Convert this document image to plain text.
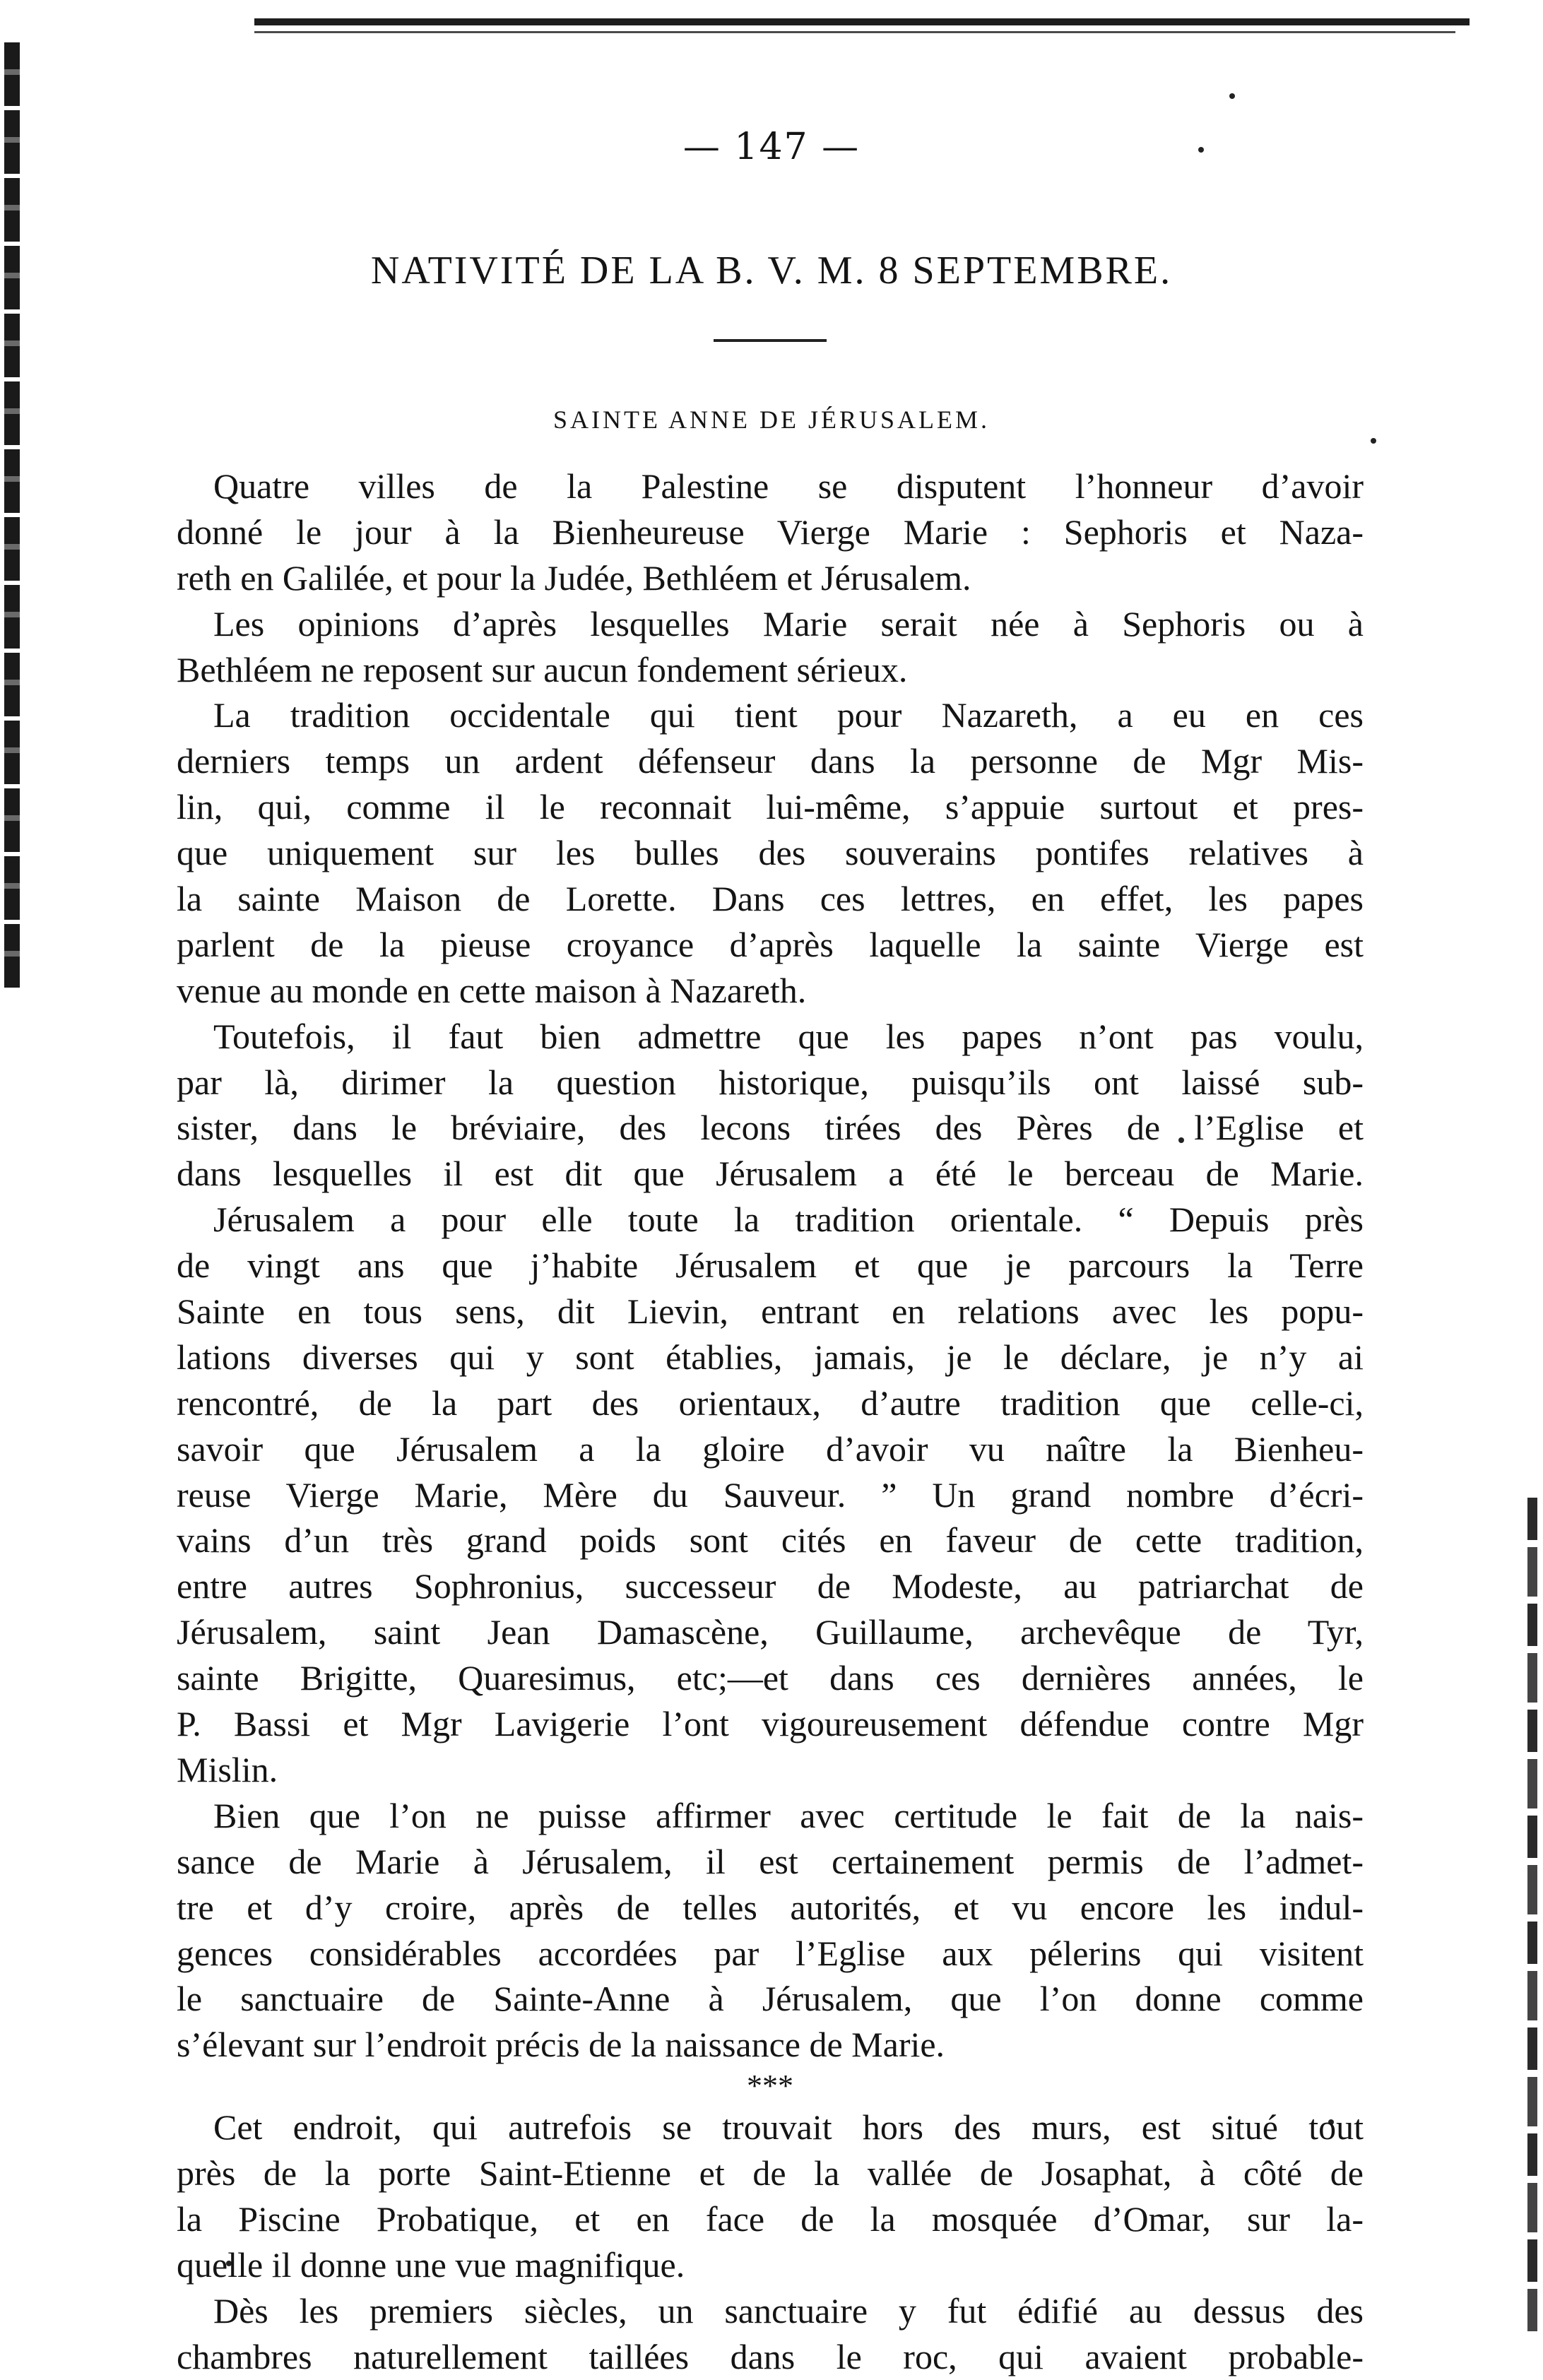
— 147 —
NATIVITÉ DE LA B. V. M. 8 SEPTEMBRE.
SAINTE ANNE DE JÉRUSALEM.
Quatre villes de la Palestine se disputent l’honneur d’avoir
donné le jour à la Bienheureuse Vierge Marie : Sephoris et Naza-
reth en Galilée, et pour la Judée, Bethléem et Jérusalem.
Les opinions d’après lesquelles Marie serait née à Sephoris ou à
Bethléem ne reposent sur aucun fondement sérieux.
La tradition occidentale qui tient pour Nazareth, a eu en ces
derniers temps un ardent défenseur dans la personne de Mgr Mis-
lin, qui, comme il le reconnait lui-même, s’appuie surtout et pres-
que uniquement sur les bulles des souverains pontifes relatives à
la sainte Maison de Lorette. Dans ces lettres, en effet, les papes
parlent de la pieuse croyance d’après laquelle la sainte Vierge est
venue au monde en cette maison à Nazareth.
Toutefois, il faut bien admettre que les papes n’ont pas voulu,
par là, dirimer la question historique, puisqu’ils ont laissé sub-
sister, dans le bréviaire, des lecons tirées des Pères de l’Eglise et
dans lesquelles il est dit que Jérusalem a été le berceau de Marie.
Jérusalem a pour elle toute la tradition orientale. “ Depuis près
de vingt ans que j’habite Jérusalem et que je parcours la Terre
Sainte en tous sens, dit Lievin, entrant en relations avec les popu-
lations diverses qui y sont établies, jamais, je le déclare, je n’y ai
rencontré, de la part des orientaux, d’autre tradition que celle-ci,
savoir que Jérusalem a la gloire d’avoir vu naître la Bienheu-
reuse Vierge Marie, Mère du Sauveur. ” Un grand nombre d’écri-
vains d’un très grand poids sont cités en faveur de cette tradition,
entre autres Sophronius, successeur de Modeste, au patriarchat de
Jérusalem, saint Jean Damascène, Guillaume, archevêque de Tyr,
sainte Brigitte, Quaresimus, etc;—et dans ces dernières années, le
P. Bassi et Mgr Lavigerie l’ont vigoureusement défendue contre Mgr
Mislin.
Bien que l’on ne puisse affirmer avec certitude le fait de la nais-
sance de Marie à Jérusalem, il est certainement permis de l’admet-
tre et d’y croire, après de telles autorités, et vu encore les indul-
gences considérables accordées par l’Eglise aux pélerins qui visitent
le sanctuaire de Sainte-Anne à Jérusalem, que l’on donne comme
s’élevant sur l’endroit précis de la naissance de Marie.
***
Cet endroit, qui autrefois se trouvait hors des murs, est situé tout
près de la porte Saint-Etienne et de la vallée de Josaphat, à côté de
la Piscine Probatique, et en face de la mosquée d’Omar, sur la-
quelle il donne une vue magnifique.
Dès les premiers siècles, un sanctuaire y fut édifié au dessus des
chambres naturellement taillées dans le roc, qui avaient probable-
